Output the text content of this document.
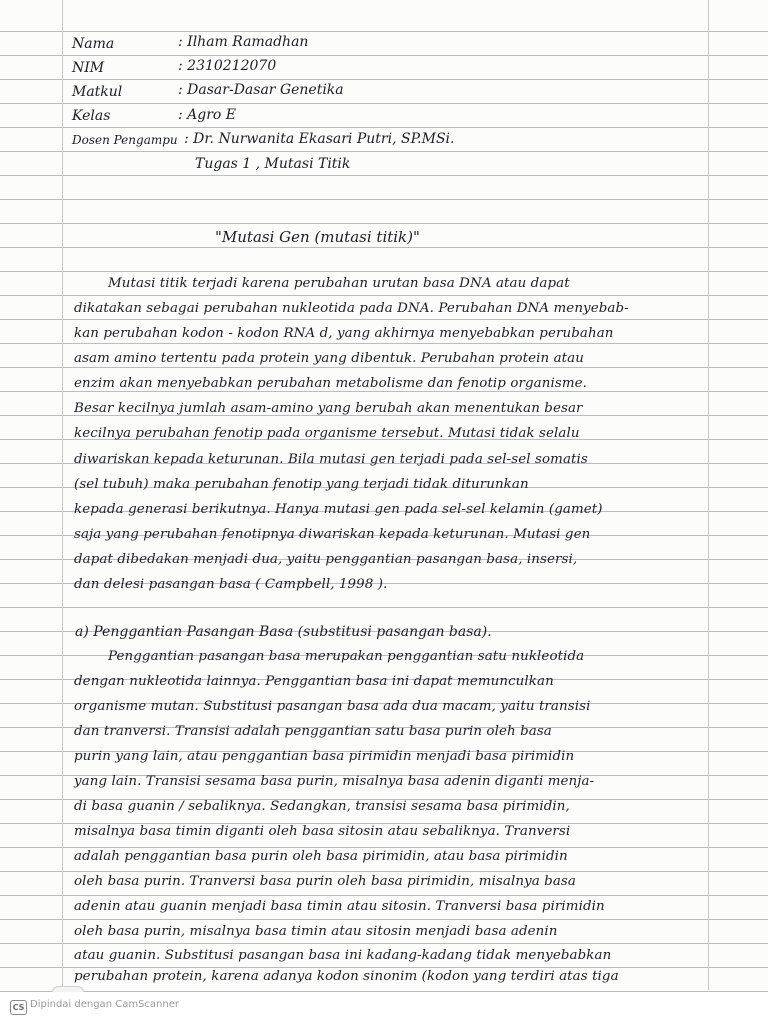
Nama	: Ilham Ramadhan
NIM	: 2310212070
Matkul	: Dasar-Dasar Genetika
Kelas	: Agro E
Dosen Pengampu : Dr. Nurwanita Ekasari Putri, SP.MSi.
Tugas 1 , Mutasi Titik
"Mutasi Gen (mutasi titik)"
Mutasi titik terjadi karena perubahan urutan basa DNA atau dapat
dikatakan sebagai perubahan nukleotida pada DNA. Perubahan DNA menyebab-
kan perubahan kodon - kodon RNA d, yang akhirnya menyebabkan perubahan
asam amino tertentu pada protein yang dibentuk. Perubahan protein atau
enzim akan menyebabkan perubahan metabolisme dan fenotip organisme.
Besar kecilnya jumlah asam-amino yang berubah akan menentukan besar
kecilnya perubahan fenotip pada organisme tersebut. Mutasi tidak selalu
diwariskan kepada keturunan. Bila mutasi gen terjadi pada sel-sel somatis
(sel tubuh) maka perubahan fenotip yang terjadi tidak diturunkan
kepada generasi berikutnya. Hanya mutasi gen pada sel-sel kelamin (gamet)
saja yang perubahan fenotipnya diwariskan kepada keturunan. Mutasi gen
dapat dibedakan menjadi dua, yaitu penggantian pasangan basa, insersi,
dan delesi pasangan basa ( Campbell, 1998 ).
a) Penggantian Pasangan Basa (substitusi pasangan basa).
Penggantian pasangan basa merupakan penggantian satu nukleotida
dengan nukleotida lainnya. Penggantian basa ini dapat memunculkan
organisme mutan. Substitusi pasangan basa ada dua macam, yaitu transisi
dan tranversi. Transisi adalah penggantian satu basa purin oleh basa
purin yang lain, atau penggantian basa pirimidin menjadi basa pirimidin
yang lain. Transisi sesama basa purin, misalnya basa adenin diganti menja-
di basa guanin / sebaliknya. Sedangkan, transisi sesama basa pirimidin,
misalnya basa timin diganti oleh basa sitosin atau sebaliknya. Tranversi
adalah penggantian basa purin oleh basa pirimidin, atau basa pirimidin
oleh basa purin. Tranversi basa purin oleh basa pirimidin, misalnya basa
adenin atau guanin menjadi basa timin atau sitosin. Tranversi basa pirimidin
oleh basa purin, misalnya basa timin atau sitosin menjadi basa adenin
atau guanin. Substitusi pasangan basa ini kadang-kadang tidak menyebabkan
perubahan protein, karena adanya kodon sinonim (kodon yang terdiri atas tiga
CS Dipindai dengan CamScanner
